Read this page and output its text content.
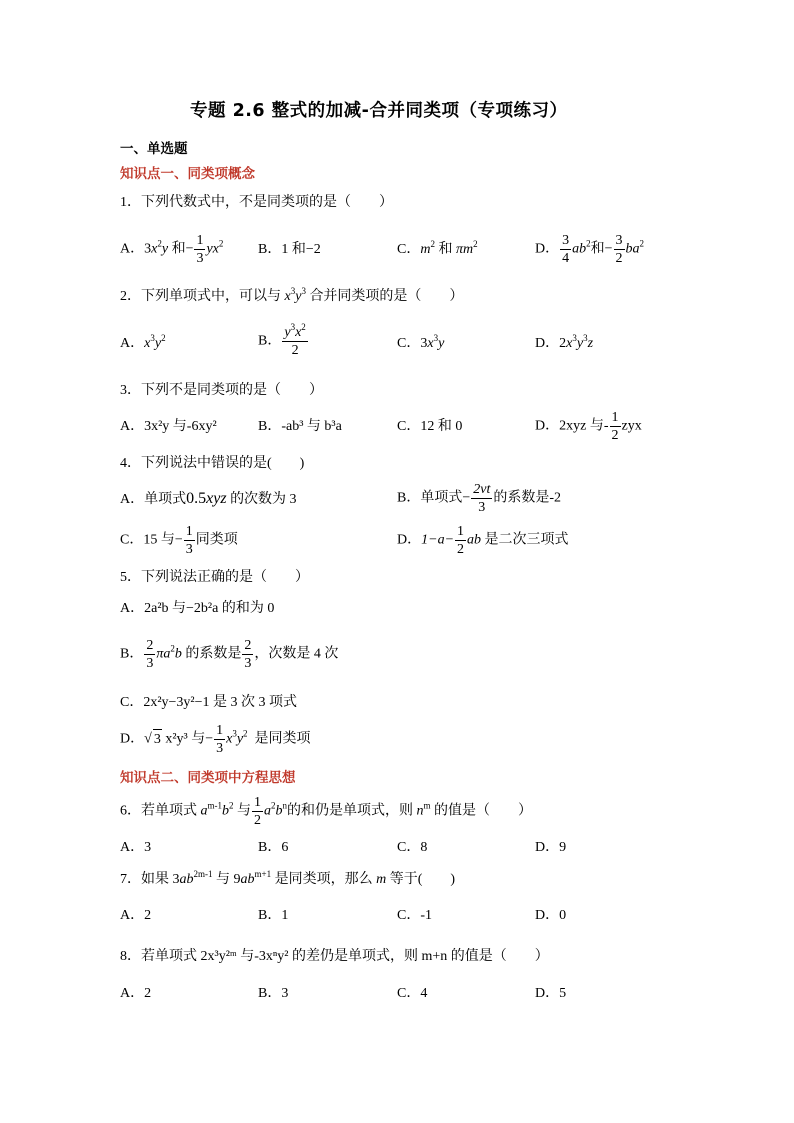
专题 2.6 整式的加减-合并同类项（专项练习）
一、单选题
知识点一、同类项概念
1．下列代数式中，不是同类项的是（　　）
A．$3x^2y$ 和− $\frac{1}{3} yx^2$ B．1 和−2	C．$m^2$ 和 $\pi m^2$	D． $\frac{3}{4} ab^2$和− $\frac{3}{2} ba^2$
2．下列单项式中，可以与 $x^3y^3$ 合并同类项的是（　　）
A．$x^3y^2$	B． $\frac{y^3x^2}{2}$	C．$3x^3y$	D．$2x^3y^3z$
3．下列不是同类项的是（　　）
A．3x²y 与-6xy²	B．-ab³ 与 b³a	C．12 和 0	D．2xyz 与- $\frac{1}{2}$ zyx
4．下列说法中错误的是(　　)
A．单项式0.5xyz 的次数为 3	B．单项式− $\frac{2vt}{3}$ 的系数是-2
C．15 与− $\frac{1}{3}$ 同类项	D．$1-a- \frac{1}{2}$ ab 是二次三项式
5．下列说法正确的是（　　）
A．2a²b 与−2b²a 的和为 0
B． $\frac{2}{3} \pi a^2b$ 的系数是 $\frac{2}{3}$ ，次数是 4 次
C．2x²y−3y²−1 是 3 次 3 项式
D．√ 3 x²y³ 与− $\frac{1}{3} x^3y^2$ 是同类项
知识点二、同类项中方程思想
6．若单项式 $a^{m-1}b^2$ 与 $\frac{1}{2} a^2b^n$的和仍是单项式，则 $n^m$ 的值是（　　）
A．3	B．6	C．8	D．9
7．如果 $3ab^{2m-1}$ 与 $9ab^{m+1}$ 是同类项，那么 m 等于(　　)
A．2	B．1	C．-1	D．0
8．若单项式 2x³y²ᵐ 与-3xⁿy² 的差仍是单项式，则 m+n 的值是（　　）
A．2	B．3	C．4	D．5
